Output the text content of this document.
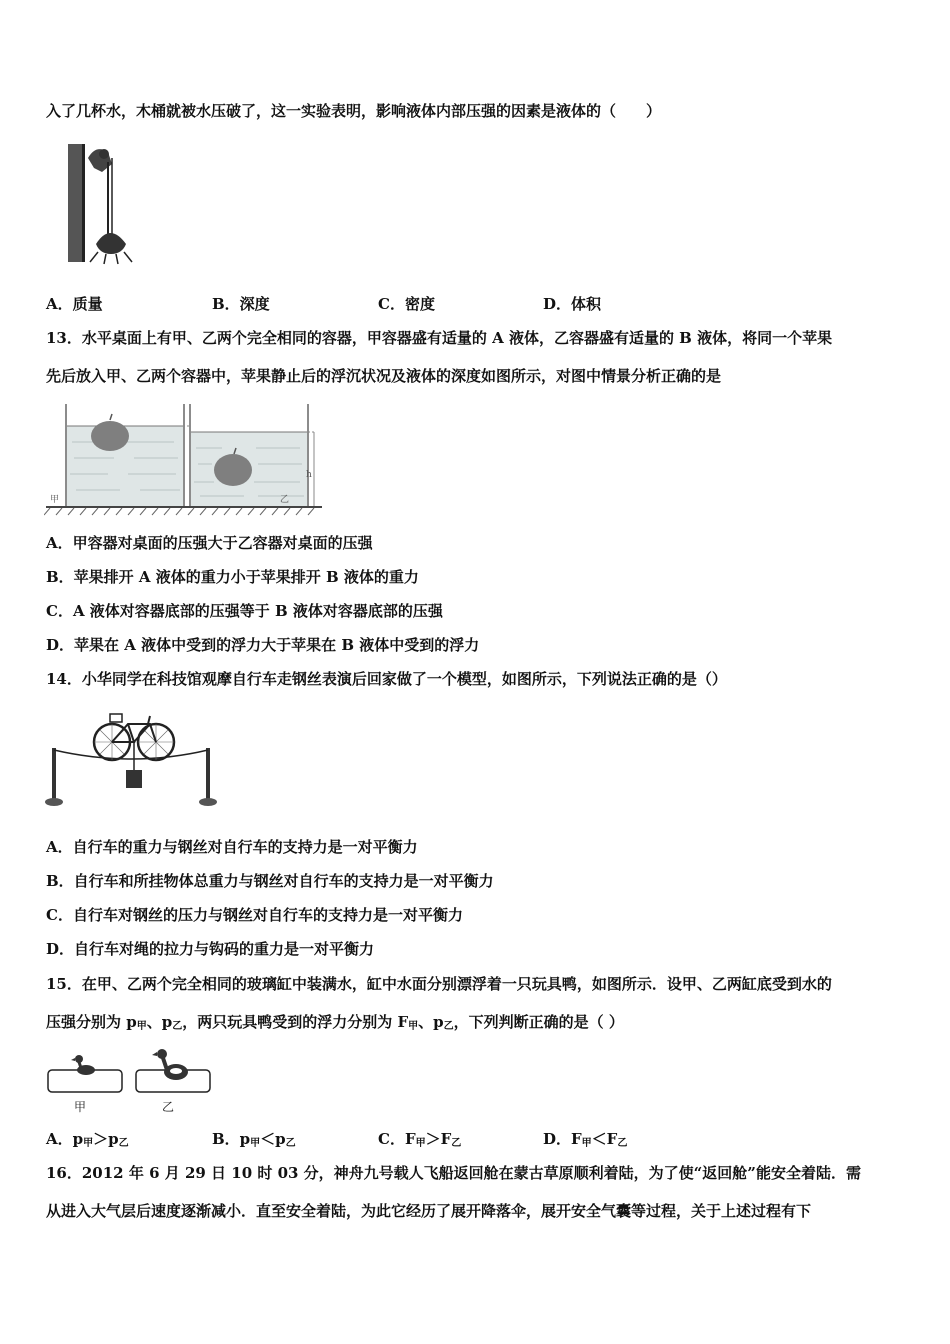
入了几杯水，木桶就被水压破了，这一实验表明，影响液体内部压强的因素是液体的（　　）
A．质量	B．深度	C．密度	D．体积
13．水平桌面上有甲、乙两个完全相同的容器，甲容器盛有适量的 A 液体，乙容器盛有适量的 B 液体，将同一个苹果
先后放入甲、乙两个容器中，苹果静止后的浮沉状况及液体的深度如图所示，对图中情景分析正确的是
h
甲	乙
A．甲容器对桌面的压强大于乙容器对桌面的压强
B．苹果排开 A 液体的重力小于苹果排开 B 液体的重力
C．A 液体对容器底部的压强等于 B 液体对容器底部的压强
D．苹果在 A 液体中受到的浮力大于苹果在 B 液体中受到的浮力
14．小华同学在科技馆观摩自行车走钢丝表演后回家做了一个模型，如图所示，下列说法正确的是（）
A．自行车的重力与钢丝对自行车的支持力是一对平衡力
B．自行车和所挂物体总重力与钢丝对自行车的支持力是一对平衡力
C．自行车对钢丝的压力与钢丝对自行车的支持力是一对平衡力
D．自行车对绳的拉力与钩码的重力是一对平衡力
15．在甲、乙两个完全相同的玻璃缸中装满水，缸中水面分别漂浮着一只玩具鸭，如图所示．设甲、乙两缸底受到水的
压强分别为 $p_甲$、$p_乙$，两只玩具鸭受到的浮力分别为 $F_甲$、$p_乙$，下列判断正确的是（ ）
甲	乙
A．$p_甲>p_乙$	B．$p_甲<p_乙$	C．$F_甲>F_乙$	D．$F_甲<F_乙$
16．2012 年 6 月 29 日 10 时 03 分，神舟九号载人飞船返回舱在蒙古草原顺利着陆，为了使“返回舱”能安全着陆．需
从进入大气层后速度逐渐减小．直至安全着陆，为此它经历了展开降落伞，展开安全气囊等过程，关于上述过程有下
